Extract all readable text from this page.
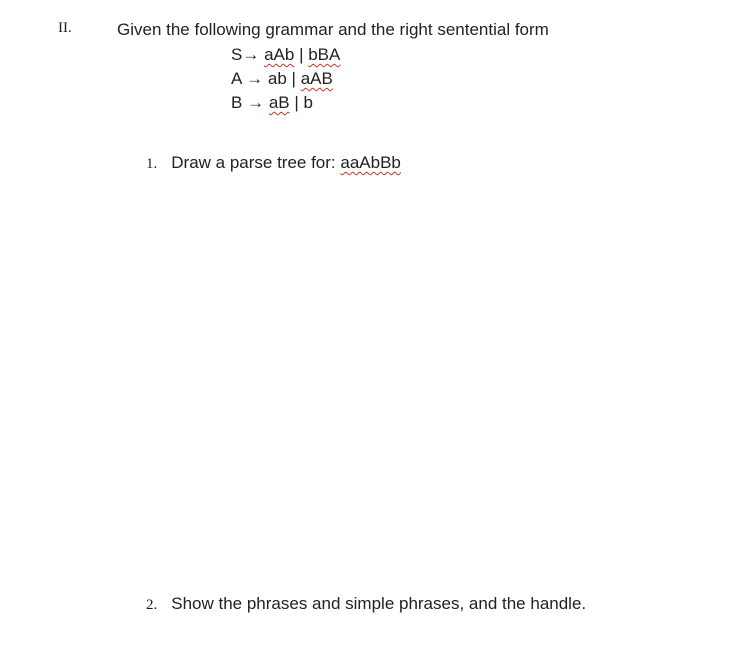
II.	Given the following grammar and the right sentential form
S→ aAb | bBA
A → ab | aAB
B → aB | b
1. Draw a parse tree for: aaAbBb
2. Show the phrases and simple phrases, and the handle.
